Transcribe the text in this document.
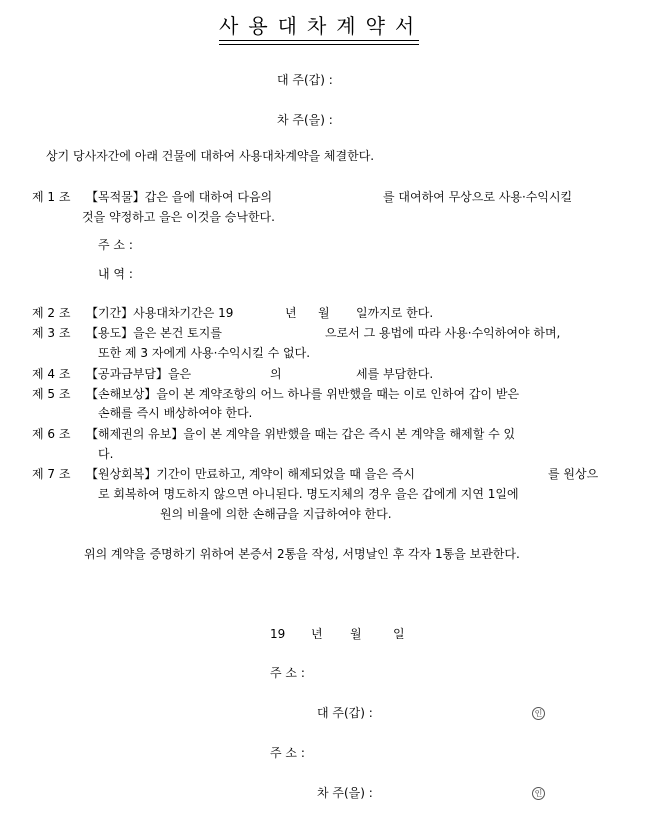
사용대차계약서
대 주(갑) :
차 주(을) :
상기 당사자간에 아래 건물에 대하여 사용대차계약을 체결한다.
제 1 조 【목적물】갑은 을에 대하여 다음의	를 대여하여 무상으로 사용·수익시킬
것을 약정하고 을은 이것을 승낙한다.
주 소 :
내 역 :
제 2 조 【기간】사용대차기간은 19	년 월 일까지로 한다.
제 3 조 【용도】을은 본건 토지를	으로서 그 용법에 따라 사용·수익하여야 하며,
또한 제 3 자에게 사용·수익시킬 수 없다.
제 4 조 【공과금부담】을은	의	세를 부담한다.
제 5 조 【손해보상】을이 본 계약조항의 어느 하나를 위반했을 때는 이로 인하여 갑이 받은
손해를 즉시 배상하여야 한다.
제 6 조 【해제권의 유보】을이 본 계약을 위반했을 때는 갑은 즉시 본 계약을 해제할 수 있
다.
제 7 조 【원상회복】기간이 만료하고, 계약이 해제되었을 때 을은 즉시	를 원상으
로 회복하여 명도하지 않으면 아니된다. 명도지체의 경우 을은 갑에게 지연 1일에
원의 비율에 의한 손해금을 지급하여야 한다.
위의 계약을 증명하기 위하여 본증서 2통을 작성, 서명날인 후 각자 1통을 보관한다.
19 년 월	일
주 소 :
대 주(갑) :	인
주 소 :
차 주(을) :	인
